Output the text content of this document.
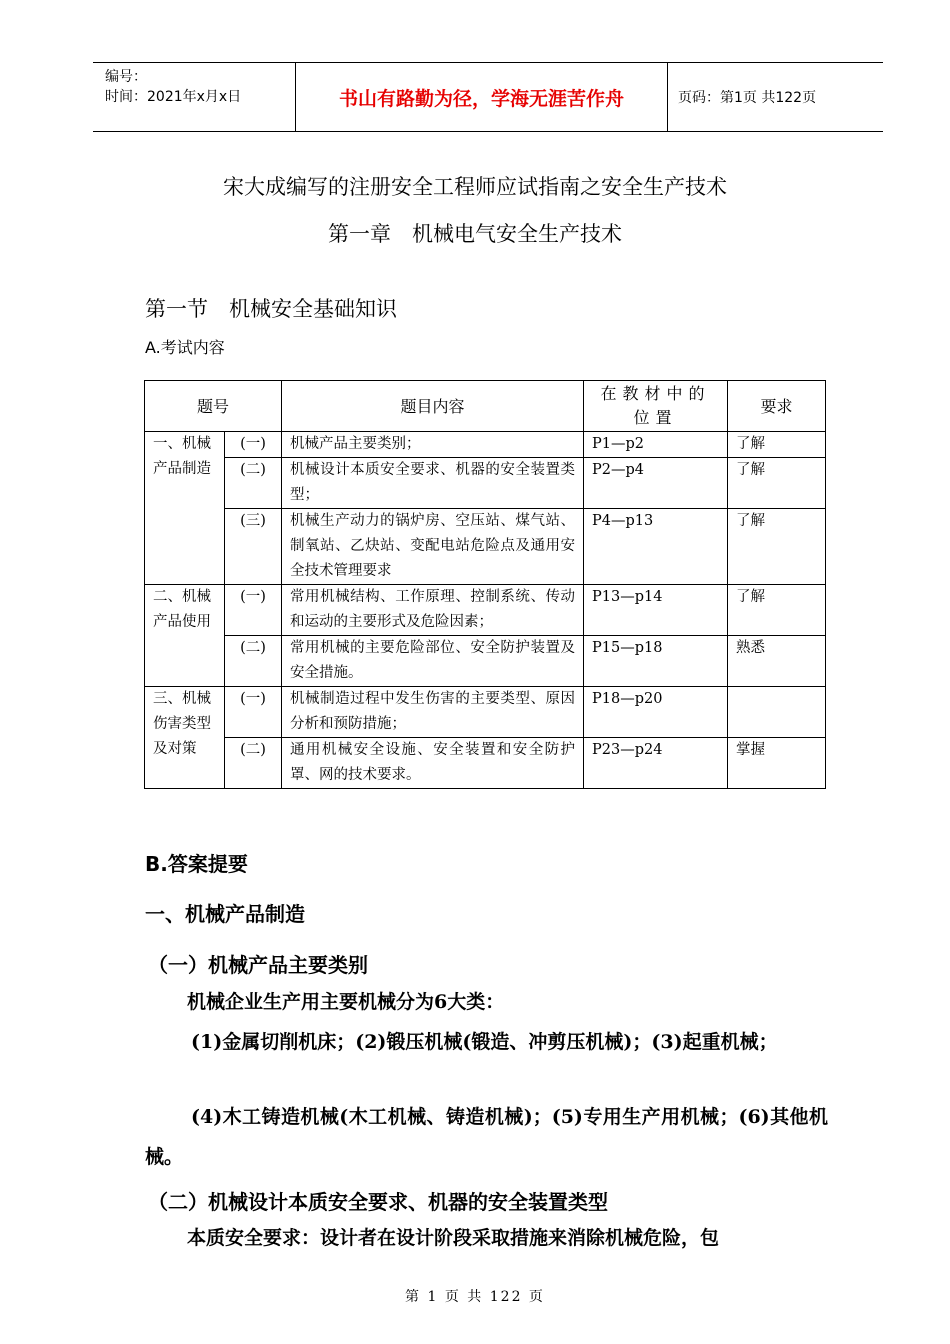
编号：
时间：2021年x月x日	书山有路勤为径，学海无涯苦作舟	页码：第1页 共122页
宋大成编写的注册安全工程师应试指南之安全生产技术
第一章　机械电气安全生产技术
第一节　机械安全基础知识
A.考试内容
题号		题目内容	在教材中的位置	要求
一、机械产品制造	(一)	机械产品主要类别；	P1—p2	了解
	(二)	机械设计本质安全要求、机器的安全装置类型；	P2—p4	了解
	(三)	机械生产动力的锅炉房、空压站、煤气站、制氧站、乙炔站、变配电站危险点及通用安全技术管理要求	P4—p13	了解
二、机械产品使用	(一)	常用机械结构、工作原理、控制系统、传动和运动的主要形式及危险因素；	P13—p14	了解
	(二)	常用机械的主要危险部位、安全防护装置及安全措施。	P15—p18	熟悉
三、机械伤害类型及对策	(一)	机械制造过程中发生伤害的主要类型、原因分析和预防措施；	P18—p20	
	(二)	通用机械安全设施、安全装置和安全防护罩、网的技术要求。	P23—p24	掌握
B.答案提要
一、机械产品制造
（一）机械产品主要类别
机械企业生产用主要机械分为6大类：
(1)金属切削机床；(2)锻压机械(锻造、冲剪压机械)；(3)起重机械；
(4)木工铸造机械(木工机械、铸造机械)；(5)专用生产用机械；(6)其他机械。
（二）机械设计本质安全要求、机器的安全装置类型
本质安全要求：设计者在设计阶段采取措施来消除机械危险，包
第 1 页 共 122 页
